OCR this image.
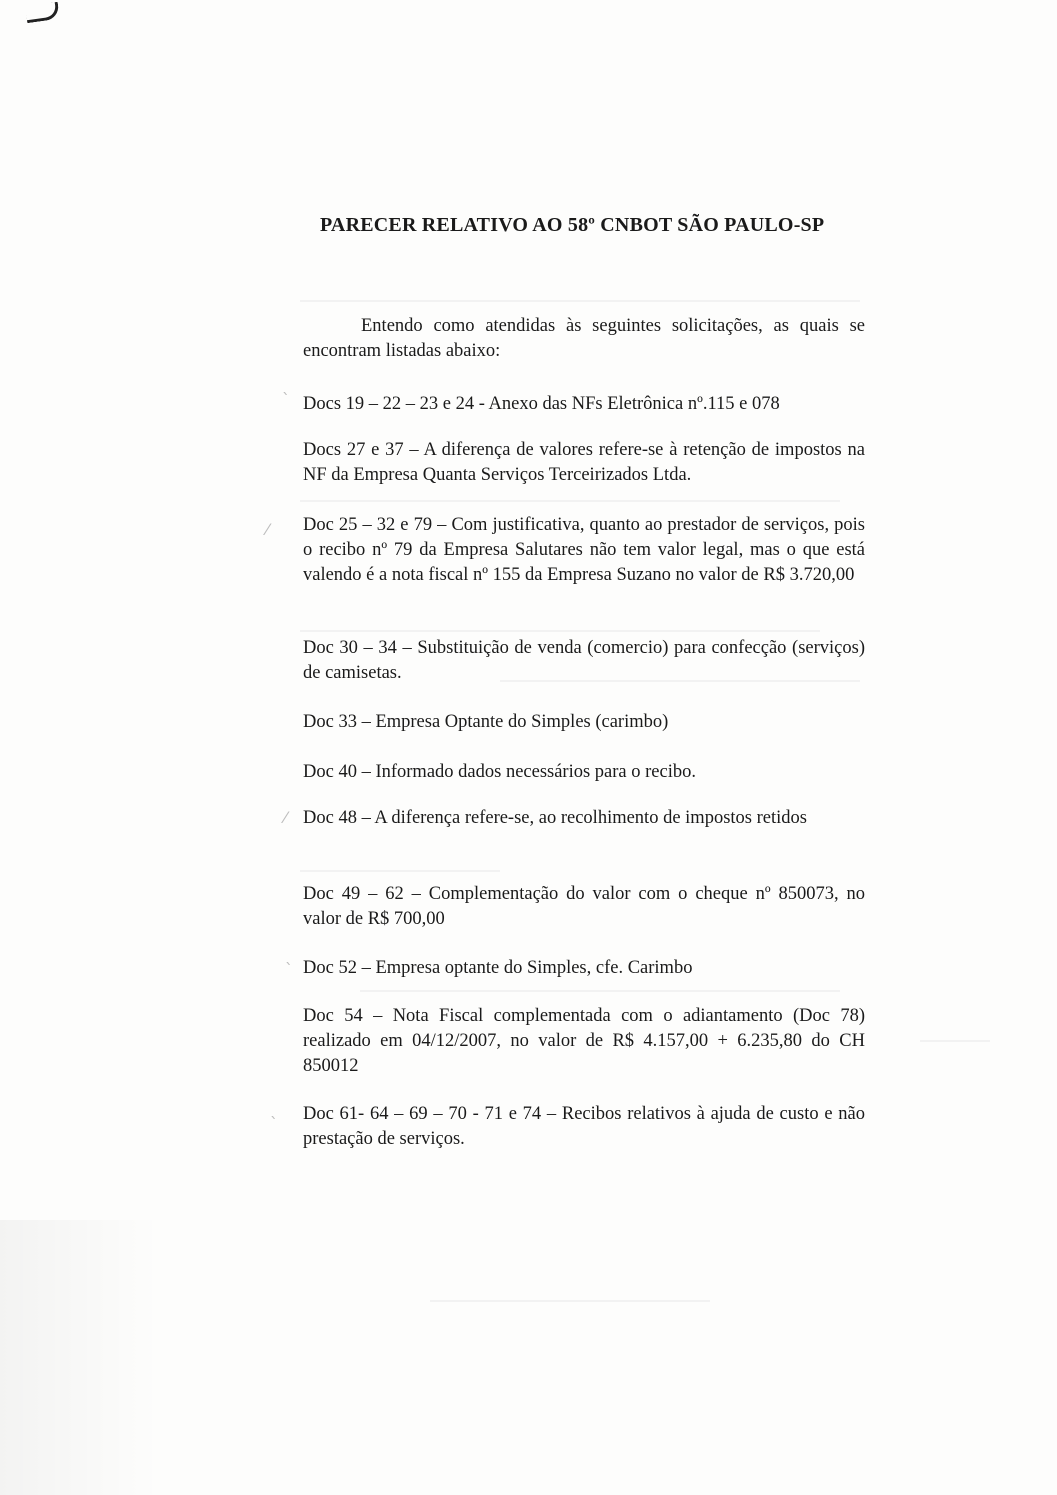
`
⁄
⁄
`
`
PARECER RELATIVO AO 58º CNBOT SÃO PAULO-SP
Entendo como atendidas às seguintes solicitações, as quais se encontram listadas abaixo:
Docs 19 – 22 – 23 e 24 - Anexo das NFs Eletrônica nº.115 e 078
Docs 27 e 37 – A diferença de valores refere-se à retenção de impostos na NF da Empresa Quanta Serviços Terceirizados Ltda.
Doc 25 – 32 e 79 – Com justificativa, quanto ao prestador de serviços, pois o recibo nº 79 da Empresa Salutares não tem valor legal, mas o que está valendo é a nota fiscal nº 155 da Empresa Suzano no valor de R$ 3.720,00
Doc 30 – 34 – Substituição de venda (comercio) para confecção (serviços) de camisetas.
Doc 33 – Empresa Optante do Simples (carimbo)
Doc 40 – Informado dados necessários para o recibo.
Doc 48 – A diferença refere-se, ao recolhimento de impostos retidos
Doc 49 – 62 – Complementação do valor com o cheque nº 850073, no valor de R$ 700,00
Doc 52 – Empresa optante do Simples, cfe. Carimbo
Doc 54 – Nota Fiscal complementada com o adiantamento (Doc 78) realizado em 04/12/2007, no valor de R$ 4.157,00 + 6.235,80 do CH 850012
Doc 61- 64 – 69 – 70 - 71 e 74 – Recibos relativos à ajuda de custo e não prestação de serviços.
